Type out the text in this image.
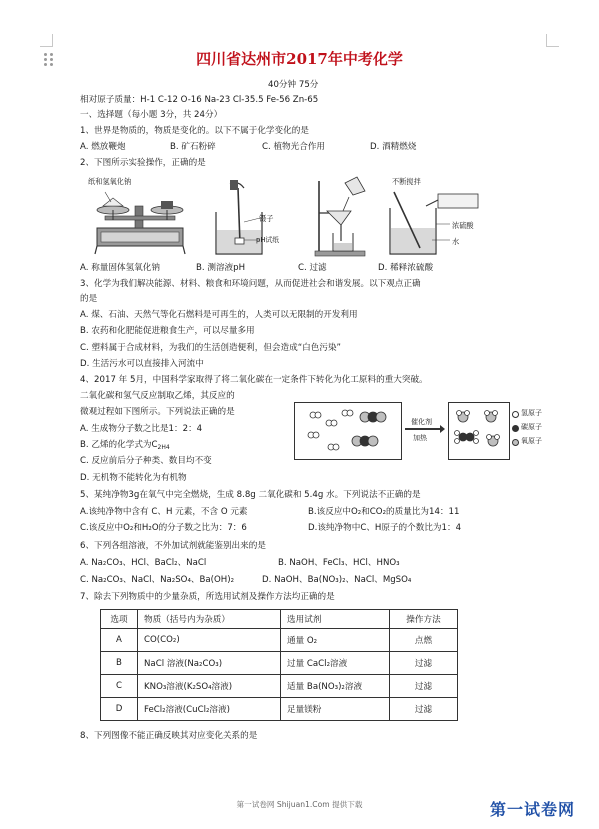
四川省达州市2017年中考化学
40分钟 75分
相对原子质量：H-1 C-12 O-16 Na-23 Cl-35.5 Fe-56 Zn-65
一、选择题（每小题 3分，共 24分）
1、世界是物质的，物质是变化的。以下不属于化学变化的是
A. 燃放鞭炮	B. 矿石粉碎	C. 植物光合作用	D. 酒精燃烧
2、下图所示实验操作，正确的是
纸和氢氧化钠
镊子
pH试纸
不断搅拌
浓硫酸
水
A. 称量固体氢氧化钠	B. 测溶液pH	C. 过滤	D. 稀释浓硫酸
3、化学为我们解决能源、材料、粮食和环境问题，从而促进社会和谐发展。以下观点正确
的是
A. 煤、石油、天然气等化石燃料是可再生的，人类可以无限制的开发利用
B. 农药和化肥能促进粮食生产，可以尽量多用
C. 塑料属于合成材料，为我们的生活创造便利，但会造成“白色污染”
D. 生活污水可以直接排入河流中
4、2017 年 5月，中国科学家取得了将二氧化碳在一定条件下转化为化工原料的重大突破。
二氧化碳和氢气反应制取乙烯，其反应的
微观过程如下图所示。下列说法正确的是
A. 生成物分子数之比是1：2：4
B. 乙烯的化学式为$C_{2H4}$
C. 反应前后分子种类、数目均不变
D. 无机物不能转化为有机物
催化剂
加热
氢原子
碳原子
氧原子
5、某纯净物3g在氧气中完全燃烧，生成 8.8g 二氧化碳和 5.4g 水。下列说法不正确的是
A.该纯净物中含有 C、H 元素，不含 O 元素	B.该反应中O₂和CO₂的质量比为14：11
C.该反应中O₂和H₂O的分子数之比为：7：6	D.该纯净物中C、H原子的个数比为1：4
6、下列各组溶液，不外加试剂就能鉴别出来的是
A. Na₂CO₃、HCl、BaCl₂、NaCl	B. NaOH、FeCl₃、HCl、HNO₃
C. Na₂CO₃、NaCl、Na₂SO₄、Ba(OH)₂	D. NaOH、Ba(NO₃)₂、NaCl、MgSO₄
7、除去下列物质中的少量杂质，所选用试剂及操作方法均正确的是
选项	物质（括号内为杂质）	选用试剂	操作方法
A	CO(CO₂)	通量 O₂	点燃
B	NaCl 溶液(Na₂CO₃)	过量 CaCl₂溶液	过滤
C	KNO₃溶液(K₂SO₄溶液)	适量 Ba(NO₃)₂溶液	过滤
D	FeCl₂溶液(CuCl₂溶液)	足量镁粉	过滤
8、下列图像不能正确反映其对应变化关系的是
第一试卷网 Shijuan1.Com 提供下载	第一试卷网
